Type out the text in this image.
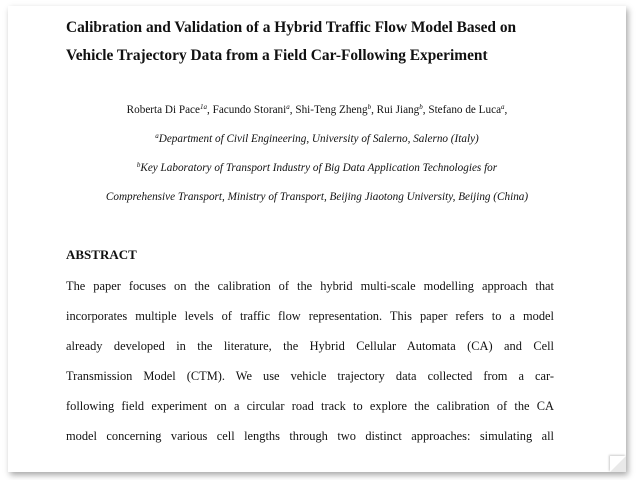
Calibration and Validation of a Hybrid Traffic Flow Model Based on
Vehicle Trajectory Data from a Field Car-Following Experiment
Roberta Di Pace$^{1a}$, Facundo Storani$^a$, Shi-Teng Zheng$^b$, Rui Jiang$^b$, Stefano de Luca$^a$,
$^a$Department of Civil Engineering, University of Salerno, Salerno (Italy)
$^b$Key Laboratory of Transport Industry of Big Data Application Technologies for
Comprehensive Transport, Ministry of Transport, Beijing Jiaotong University, Beijing (China)
ABSTRACT
The paper focuses on the calibration of the hybrid multi-scale modelling approach that
incorporates multiple levels of traffic flow representation. This paper refers to a model
already developed in the literature, the Hybrid Cellular Automata (CA) and Cell
Transmission Model (CTM). We use vehicle trajectory data collected from a car-
following field experiment on a circular road track to explore the calibration of the CA
model concerning various cell lengths through two distinct approaches: simulating all
